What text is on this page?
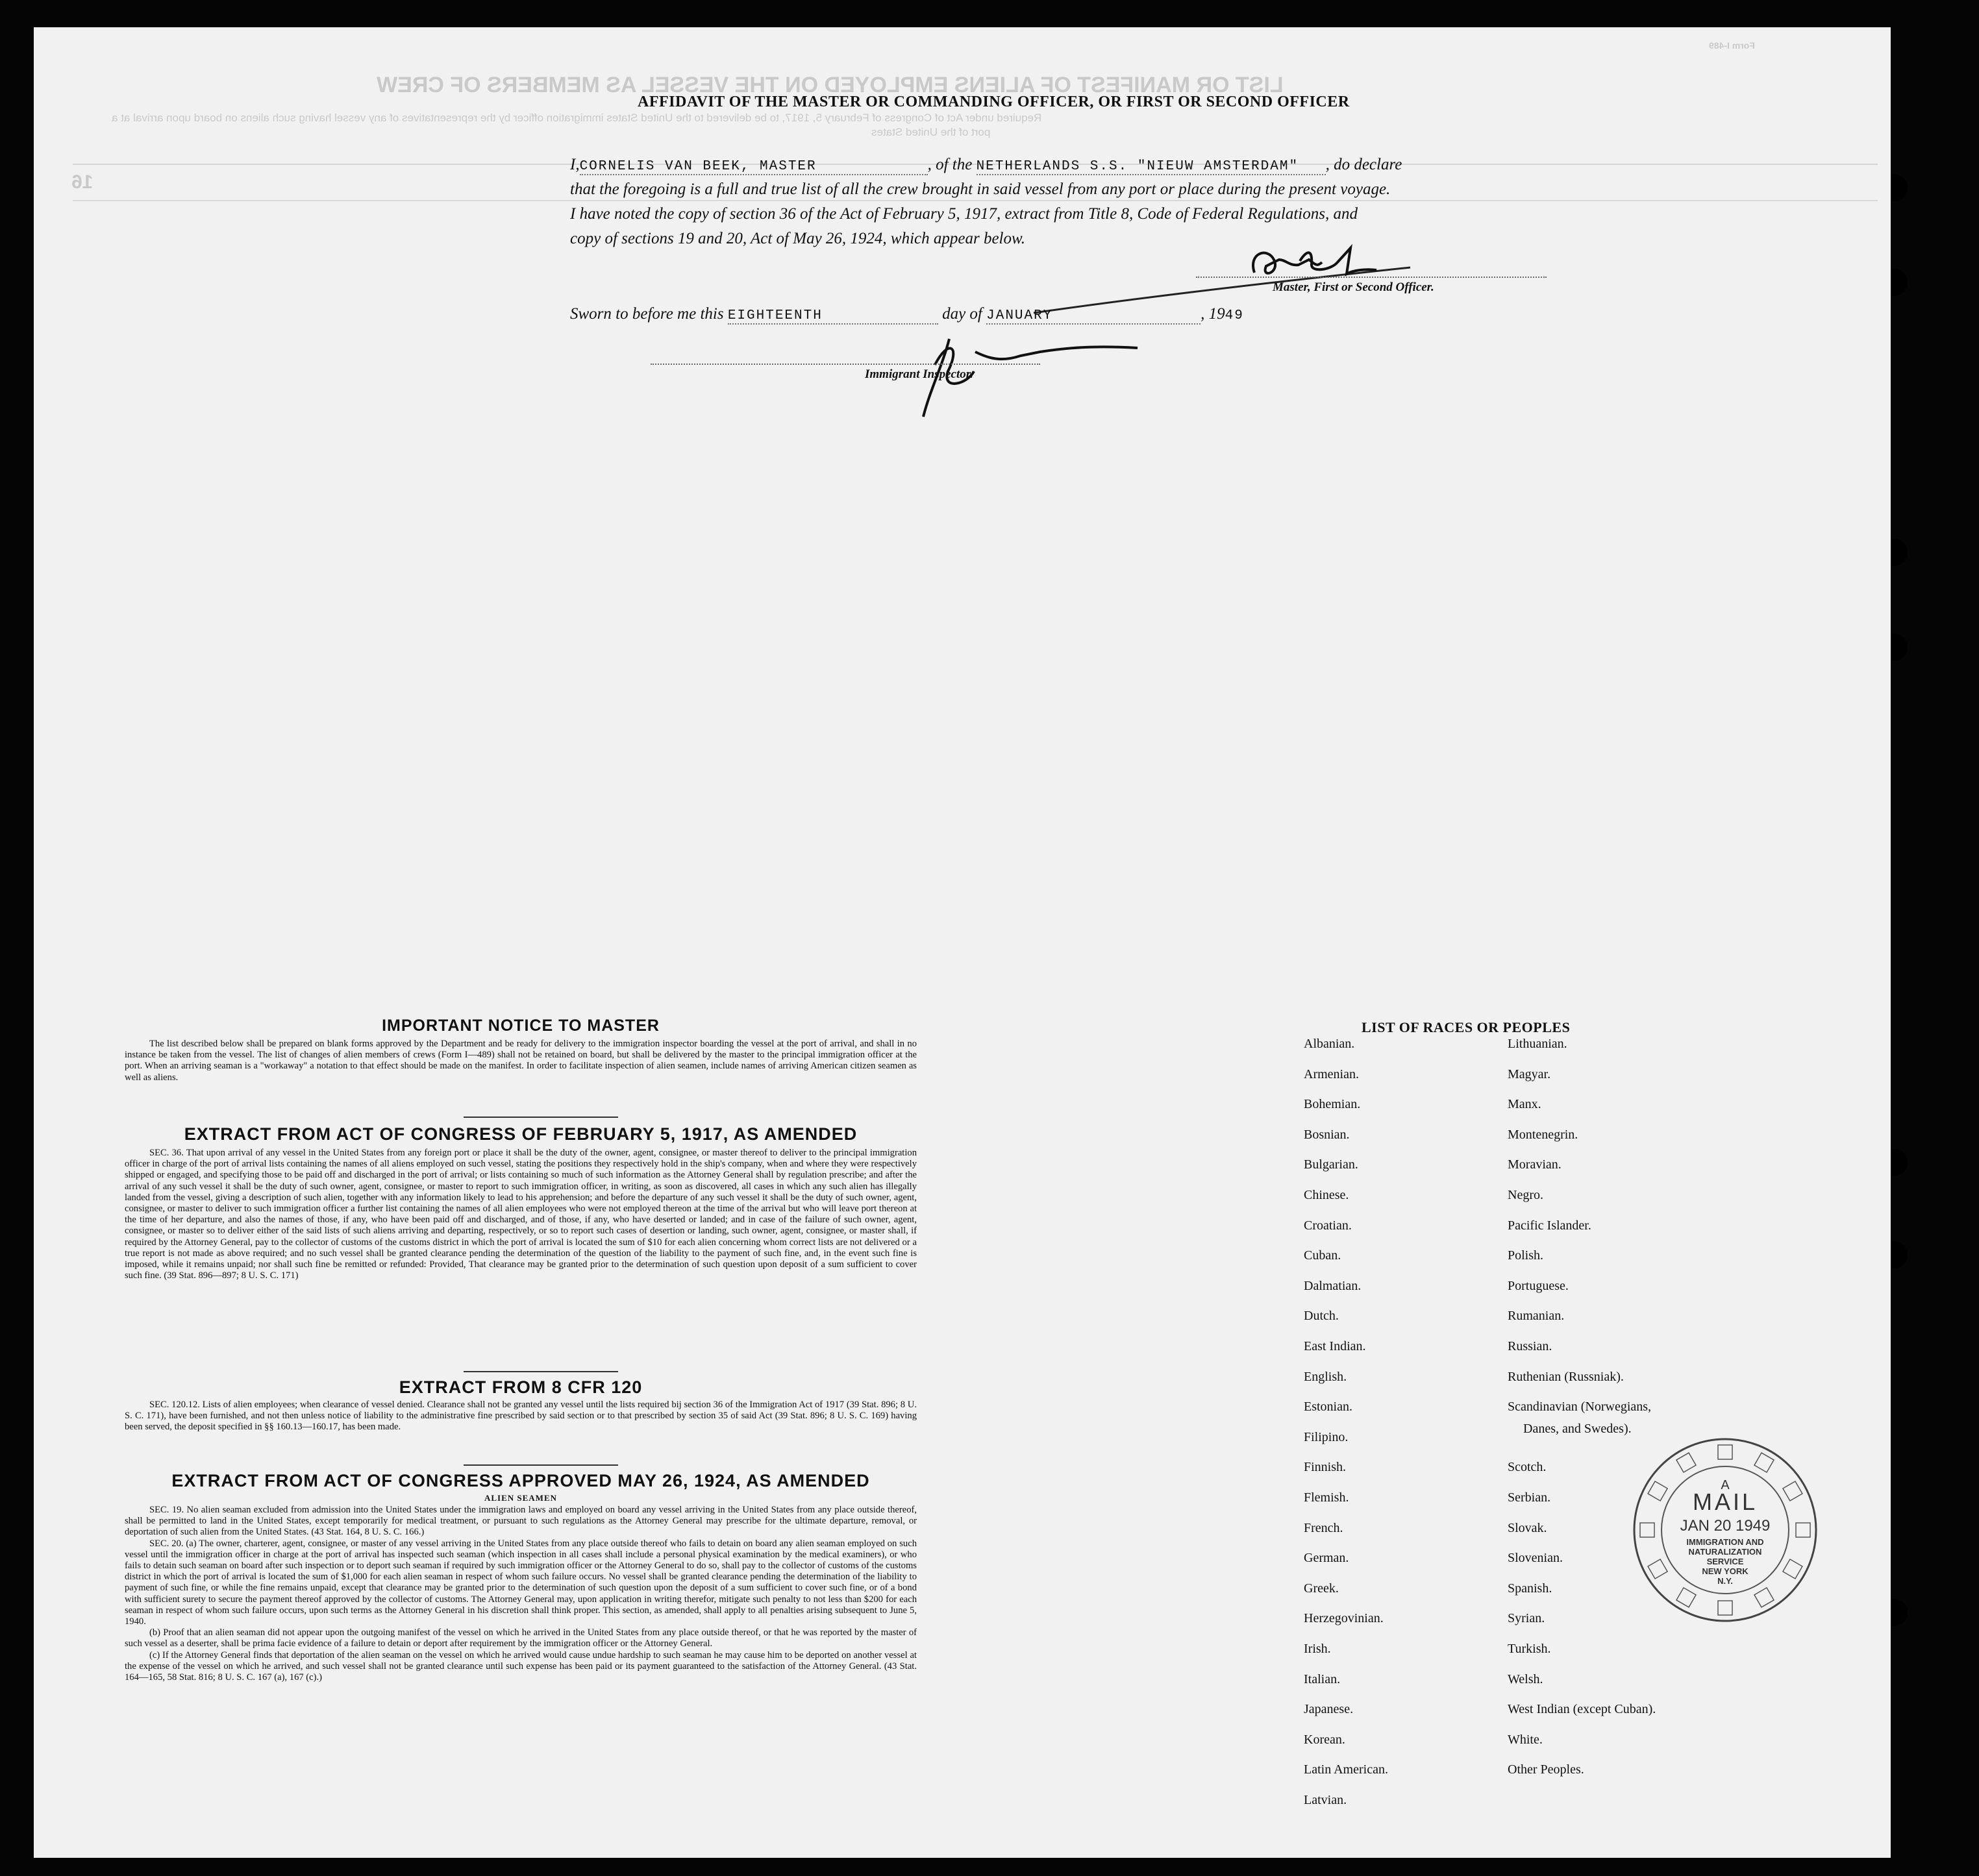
LIST OR MANIFEST OF ALIENS EMPLOYED ON THE VESSEL AS MEMBERS OF CREW
Required under Act of Congress of February 5, 1917, to be delivered to the United States immigration officer by the representatives of any vessel having such aliens on board upon arrival at a
port of the United States
16
Form I-489
AFFIDAVIT OF THE MASTER OR COMMANDING OFFICER, OR FIRST OR SECOND OFFICER
I,CORNELIS VAN BEEK, MASTER	, of the NETHERLANDS S.S. "NIEUW AMSTERDAM" , do declare
that the foregoing is a full and true list of all the crew brought in said vessel from any port or place during the present voyage.
I have noted the copy of section 36 of the Act of February 5, 1917, extract from Title 8, Code of Federal Regulations, and
copy of sections 19 and 20, Act of May 26, 1924, which appear below.
Master, First or Second Officer.
Sworn to before me this EIGHTEENTH	day of JANUARY	, 1949
Immigrant Inspector.
IMPORTANT NOTICE TO MASTER

The list described below shall be prepared on blank forms approved by the Department and be ready for delivery to the immigration inspector boarding the vessel at the port of arrival, and shall in no instance be taken from the vessel. The list of changes of alien members of crews (Form I—489) shall not be retained on board, but shall be delivered by the master to the principal immigration officer at the port. When an arriving seaman is a "workaway" a notation to that effect should be made on the manifest. In order to facilitate inspection of alien seamen, include names of arriving American citizen seamen as well as aliens.

EXTRACT FROM ACT OF CONGRESS OF FEBRUARY 5, 1917, AS AMENDED

SEC. 36. That upon arrival of any vessel in the United States from any foreign port or place it shall be the duty of the owner, agent, consignee, or master thereof to deliver to the principal immigration officer in charge of the port of arrival lists containing the names of all aliens employed on such vessel, stating the positions they respectively hold in the ship's company, when and where they were respectively shipped or engaged, and specifying those to be paid off and discharged in the port of arrival; or lists containing so much of such information as the Attorney General shall by regulation prescribe; and after the arrival of any such vessel it shall be the duty of such owner, agent, consignee, or master to report to such immigration officer, in writing, as soon as discovered, all cases in which any such alien has illegally landed from the vessel, giving a description of such alien, together with any information likely to lead to his apprehension; and before the departure of any such vessel it shall be the duty of such owner, agent, consignee, or master to deliver to such immigration officer a further list containing the names of all alien employees who were not employed thereon at the time of the arrival but who will leave port thereon at the time of her departure, and also the names of those, if any, who have been paid off and discharged, and of those, if any, who have deserted or landed; and in case of the failure of such owner, agent, consignee, or master so to deliver either of the said lists of such aliens arriving and departing, respectively, or so to report such cases of desertion or landing, such owner, agent, consignee, or master shall, if required by the Attorney General, pay to the collector of customs of the customs district in which the port of arrival is located the sum of $10 for each alien concerning whom correct lists are not delivered or a true report is not made as above required; and no such vessel shall be granted clearance pending the determination of the question of the liability to the payment of such fine, and, in the event such fine is imposed, while it remains unpaid; nor shall such fine be remitted or refunded: Provided, That clearance may be granted prior to the determination of such question upon deposit of a sum sufficient to cover such fine. (39 Stat. 896—897; 8 U. S. C. 171)

EXTRACT FROM 8 CFR 120

SEC. 120.12. Lists of alien employees; when clearance of vessel denied. Clearance shall not be granted any vessel until the lists required bij section 36 of the Immigration Act of 1917 (39 Stat. 896; 8 U. S. C. 171), have been furnished, and not then unless notice of liability to the administrative fine prescribed by said section or to that prescribed by section 35 of said Act (39 Stat. 896; 8 U. S. C. 169) having been served, the deposit specified in §§ 160.13—160.17, has been made.

EXTRACT FROM ACT OF CONGRESS APPROVED MAY 26, 1924, AS AMENDED
ALIEN SEAMEN

SEC. 19. No alien seaman excluded from admission into the United States under the immigration laws and employed on board any vessel arriving in the United States from any place outside thereof, shall be permitted to land in the United States, except temporarily for medical treatment, or pursuant to such regulations as the Attorney General may prescribe for the ultimate departure, removal, or deportation of such alien from the United States. (43 Stat. 164, 8 U. S. C. 166.)

SEC. 20. (a) The owner, charterer, agent, consignee, or master of any vessel arriving in the United States from any place outside thereof who fails to detain on board any alien seaman employed on such vessel until the immigration officer in charge at the port of arrival has inspected such seaman (which inspection in all cases shall include a personal physical examination by the medical examiners), or who fails to detain such seaman on board after such inspection or to deport such seaman if required by such immigration officer or the Attorney General to do so, shall pay to the collector of customs of the customs district in which the port of arrival is located the sum of $1,000 for each alien seaman in respect of whom such failure occurs. No vessel shall be granted clearance pending the determination of the liability to payment of such fine, or while the fine remains unpaid, except that clearance may be granted prior to the determination of such question upon the deposit of a sum sufficient to cover such fine, or of a bond with sufficient surety to secure the payment thereof approved by the collector of customs. The Attorney General may, upon application in writing therefor, mitigate such penalty to not less than $200 for each seaman in respect of whom such failure occurs, upon such terms as the Attorney General in his discretion shall think proper. This section, as amended, shall apply to all penalties arising subsequent to June 5, 1940.

(b) Proof that an alien seaman did not appear upon the outgoing manifest of the vessel on which he arrived in the United States from any place outside thereof, or that he was reported by the master of such vessel as a deserter, shall be prima facie evidence of a failure to detain or deport after requirement by the immigration officer or the Attorney General.

(c) If the Attorney General finds that deportation of the alien seaman on the vessel on which he arrived would cause undue hardship to such seaman he may cause him to be deported on another vessel at the expense of the vessel on which he arrived, and such vessel shall not be granted clearance until such expense has been paid or its payment guaranteed to the satisfaction of the Attorney General. (43 Stat. 164—165, 58 Stat. 816; 8 U. S. C. 167 (a), 167 (c).)

LIST OF RACES OR PEOPLES
Albanian.
Armenian.
Bohemian.
Bosnian.
Bulgarian.
Chinese.
Croatian.
Cuban.
Dalmatian.
Dutch.
East Indian.
English.
Estonian.
Filipino.
Finnish.
Flemish.
French.
German.
Greek.
Herzegovinian.
Irish.
Italian.
Japanese.
Korean.
Latin American.
Latvian.
Lithuanian.
Magyar.
Manx.
Montenegrin.
Moravian.
Negro.
Pacific Islander.
Polish.
Portuguese.
Rumanian.
Russian.
Ruthenian (Russniak).
Scandinavian (Norwegians,
Danes, and Swedes).
Scotch.
Serbian.
Slovak.
Slovenian.
Spanish.
Syrian.
Turkish.
Welsh.
West Indian (except Cuban).
White.
Other Peoples.
A
MAIL
JAN 20 1949
IMMIGRATION AND
NATURALIZATION
SERVICE
NEW YORK
N.Y.
